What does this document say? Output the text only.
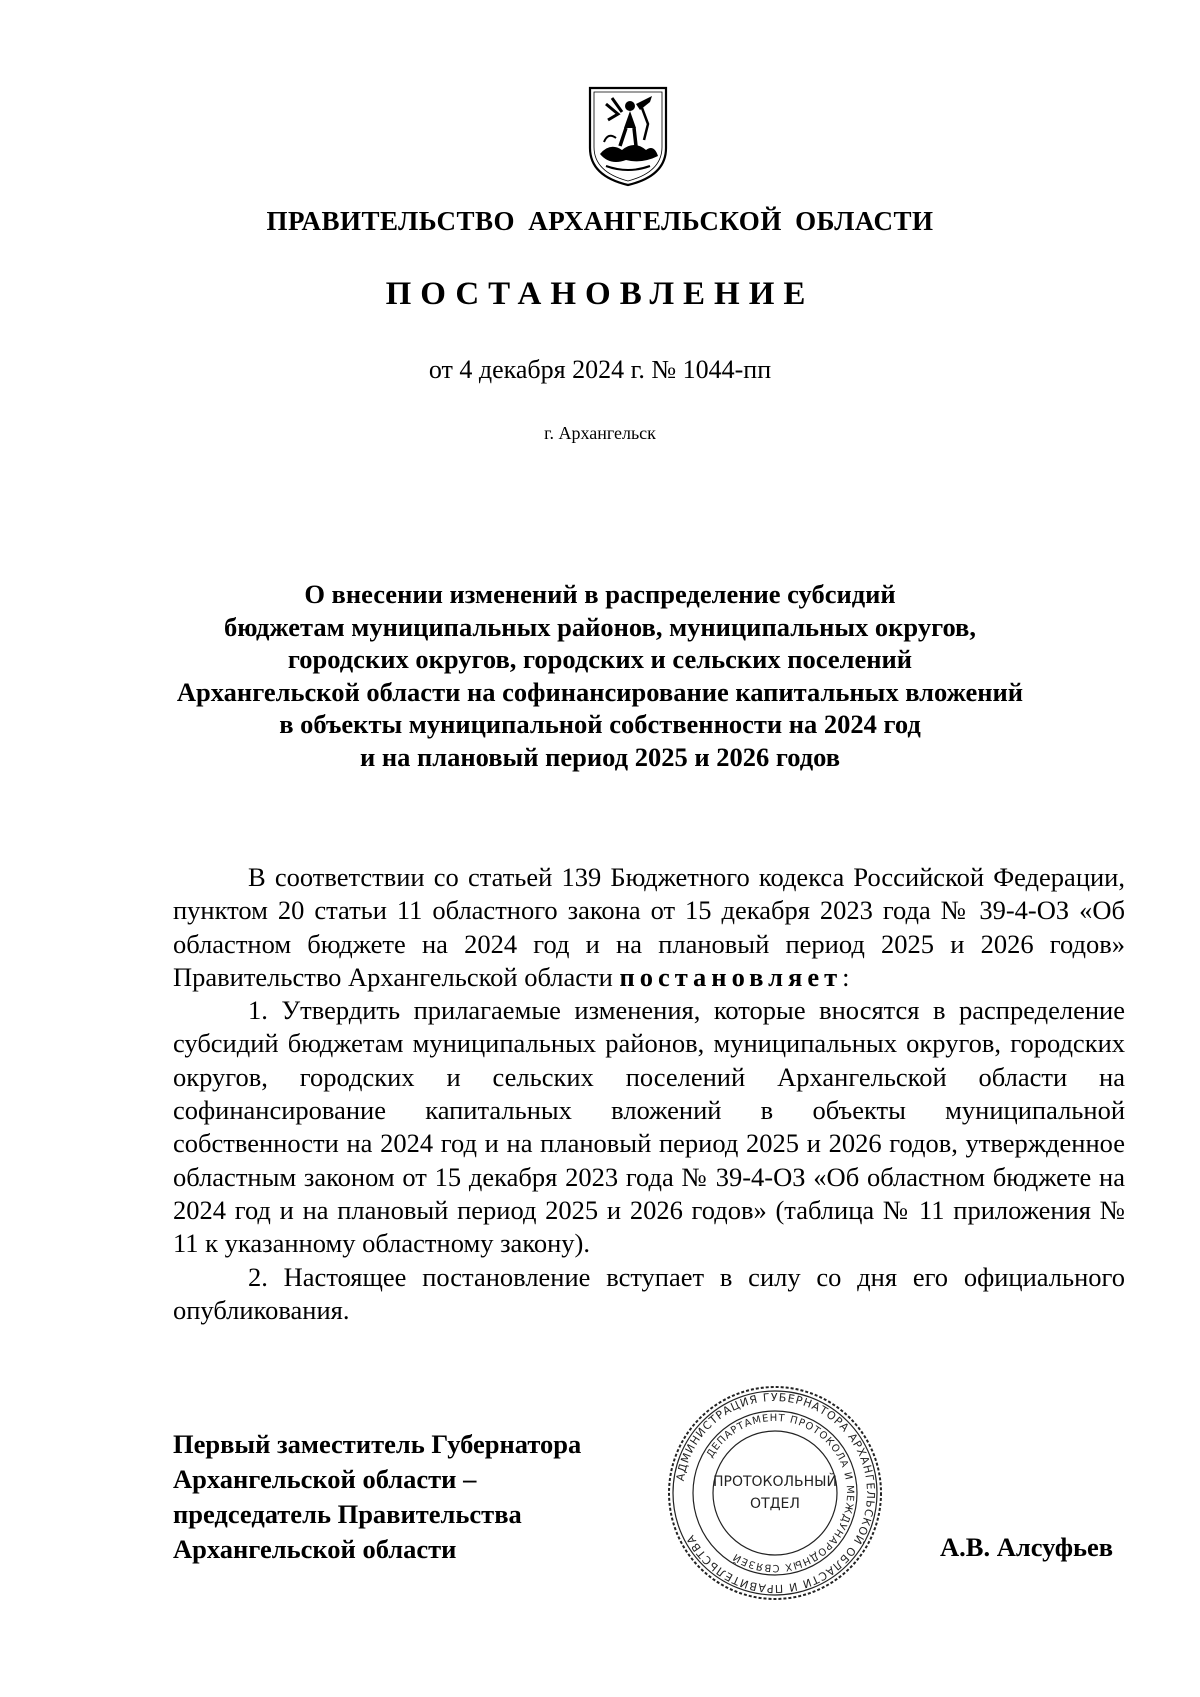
ПРАВИТЕЛЬСТВО АРХАНГЕЛЬСКОЙ ОБЛАСТИ
ПОСТАНОВЛЕНИЕ
от 4 декабря 2024 г. № 1044-пп
г. Архангельск
О внесении изменений в распределение субсидий
бюджетам муниципальных районов, муниципальных округов,
городских округов, городских и сельских поселений
Архангельской области на софинансирование капитальных вложений
в объекты муниципальной собственности на 2024 год
и на плановый период 2025 и 2026 годов

В соответствии со статьей 139 Бюджетного кодекса Российской Федерации, пунктом 20 статьи 11 областного закона от 15 декабря 2023 года № 39-4-ОЗ «Об областном бюджете на 2024 год и на плановый период 2025 и 2026 годов» Правительство Архангельской области постановляет:

1. Утвердить прилагаемые изменения, которые вносятся в распределение субсидий бюджетам муниципальных районов, муниципальных округов, городских округов, городских и сельских поселений Архангельской области на софинансирование капитальных вложений в объекты муниципальной собственности на 2024 год и на плановый период 2025 и 2026 годов, утвержденное областным законом от 15 декабря 2023 года № 39-4-ОЗ «Об областном бюджете на 2024 год и на плановый период 2025 и 2026 годов» (таблица № 11 приложения № 11 к указанному областному закону).

2. Настоящее постановление вступает в силу со дня его официального опубликования.

Первый заместитель Губернатора
Архангельской области –
председатель Правительства
Архангельской области
АДМИНИСТРАЦИЯ ГУБЕРНАТОРА АРХАНГЕЛЬСКОЙ ОБЛАСТИ И ПРАВИТЕЛЬСТВА
ДЕПАРТАМЕНТ ПРОТОКОЛА И МЕЖДУНАРОДНЫХ СВЯЗЕЙ
ПРОТОКОЛЬНЫЙ
ОТДЕЛ
А.В. Алсуфьев
